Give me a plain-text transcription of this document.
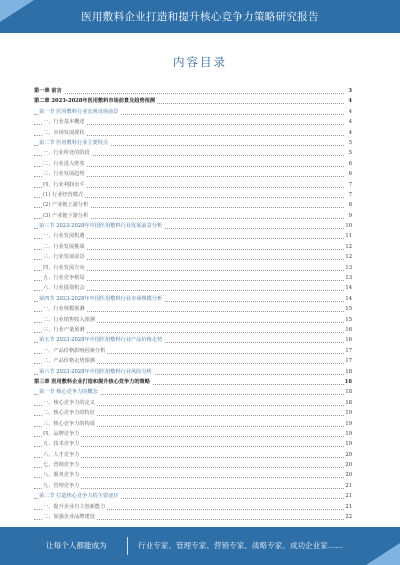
医用敷料企业打造和提升核心竞争力策略研究报告
内容目录
第一章 前言	3
第二章 2023-2028年医用敷料市场前景及趋势预测	4
第一节 医用敷料行业宏观市场前景	4
一、行业基本概述	4
二、市场发展现状	4
第二节 医用敷料行业主要特点	5
一、行业所处的阶段	5
二、行业进入壁垒	6
三、行业发展趋势	6
四、行业利润水平	7
(1) 行业经营模式	7
(2) 产业链上游分析	8
(3) 产业链下游分析	9
第三节 2023-2028年中国医用敷料行业发展前景分析	10
一、行业发展机遇	11
二、行业发展挑战	12
三、行业发展前景	12
四、行业发展方向	13
五、行业竞争格局	13
六、行业投资机会	14
第四节 2023-2028年中国医用敷料行业市场规模分析	14
一、行业规模预测	15
二、行业销售收入预测	15
三、行业产量预测	16
第五节 2023-2028年中国医用敷料行业产品价格走势	16
一、产品价格影响因素分析	17
二、产品价格走势预测	17
第六节 2023-2028年中国医用敷料行业风险分析	18
第三章 医用敷料企业打造和提升核心竞争力的策略	18
第一节 核心竞争力的概念	18
一、核心竞争力的定义	18
二、核心竞争力的特征	19
三、核心竞争力的构成	19
四、品牌竞争力	19
五、技术竞争力	19
六、人才竞争力	20
七、营销竞争力	20
八、服务竞争力	20
九、管理竞争力	21
第二节 打造核心竞争力的主要途径	21
一、提升企业自主创新能力	21
二、加强企业品牌建设	22
让每个人都能成为	行业专家、管理专家、营销专家、战略专家、成功企业家……
